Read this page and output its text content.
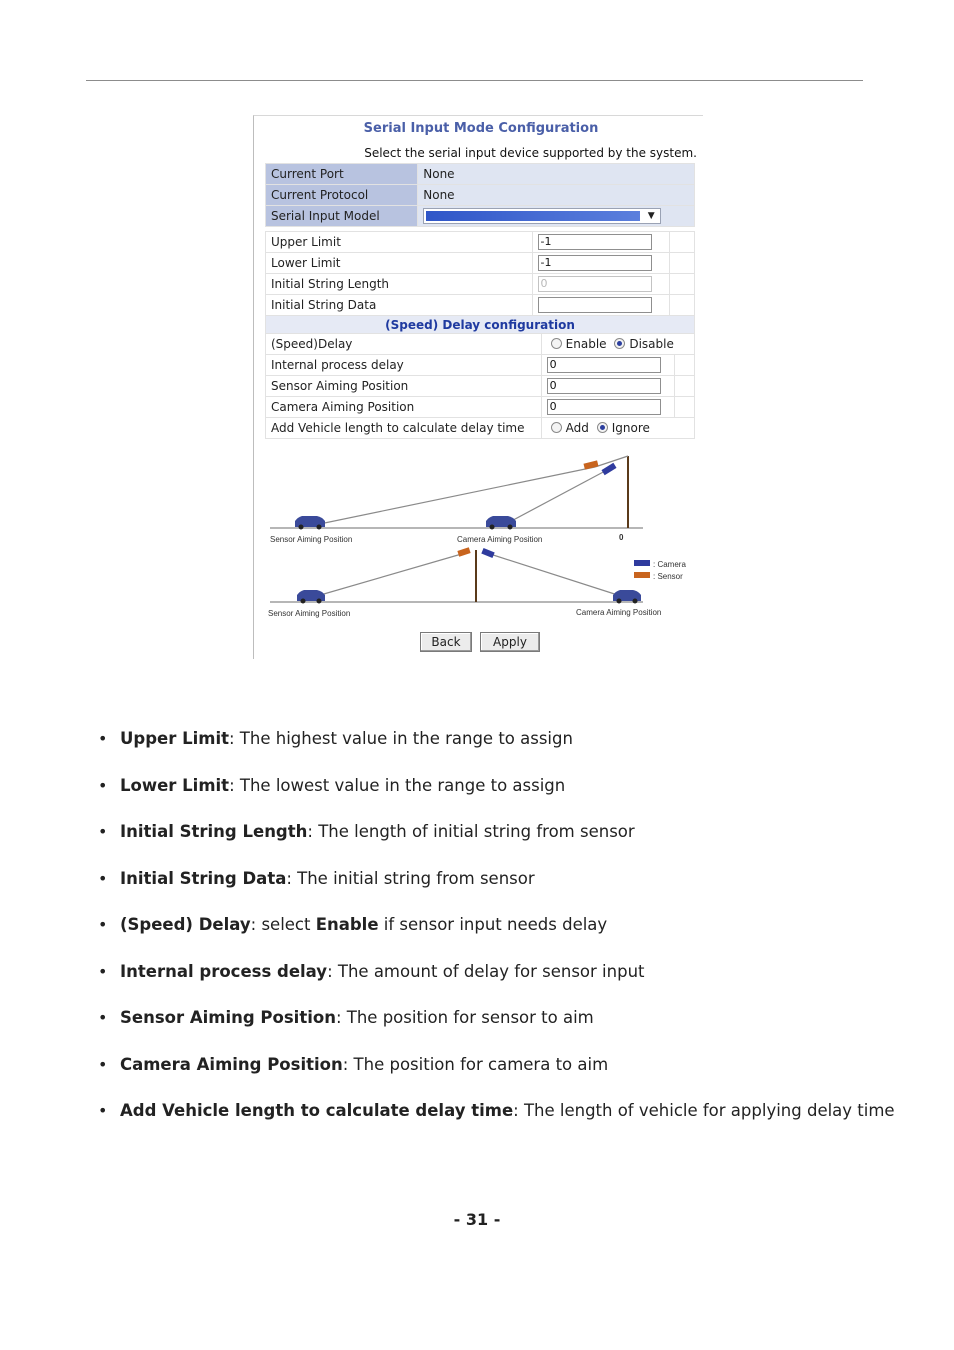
Serial Input Mode Configuration
Select the serial input device supported by the system.
Current Port	None
Current Protocol	None
Serial Input Model	▼
Upper Limit	-1	
Lower Limit	-1	
Initial String Length	0	
Initial String Data		
(Speed) Delay configuration		
(Speed)Delay	Enable Disable	
Internal process delay	0	
Sensor Aiming Position	0	
Camera Aiming Position	0	
Add Vehicle length to calculate delay time	Add Ignore	
Sensor Aiming Position	Camera Aiming Position	0
: Camera
: Sensor
Sensor Aiming Position	Camera Aiming Position
Back	Apply
• Upper Limit: The highest value in the range to assign
• Lower Limit: The lowest value in the range to assign
• Initial String Length: The length of initial string from sensor
• Initial String Data: The initial string from sensor
• (Speed) Delay: select Enable if sensor input needs delay
• Internal process delay: The amount of delay for sensor input
• Sensor Aiming Position: The position for sensor to aim
• Camera Aiming Position: The position for camera to aim
• Add Vehicle length to calculate delay time: The length of vehicle for applying delay time
- 31 -
